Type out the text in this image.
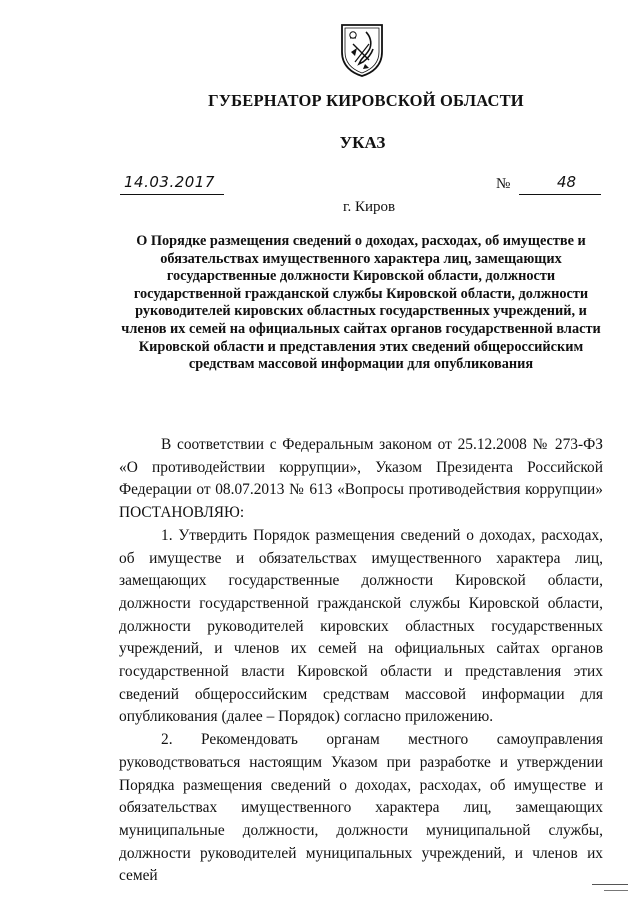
ГУБЕРНАТОР КИРОВСКОЙ ОБЛАСТИ
УКАЗ
14.03.2017	№	48
г. Киров
О Порядке размещения сведений о доходах, расходах, об имуществе и обязательствах имущественного характера лиц, замещающих государственные должности Кировской области, должности государственной гражданской службы Кировской области, должности руководителей кировских областных государственных учреждений, и членов их семей на официальных сайтах органов государственной власти Кировской области и представления этих сведений общероссийским средствам массовой информации для опубликования

В соответствии с Федеральным законом от 25.12.2008 № 273-ФЗ «О противодействии коррупции», Указом Президента Российской Федерации от 08.07.2013 № 613 «Вопросы противодействия коррупции» ПОСТАНОВЛЯЮ:

1. Утвердить Порядок размещения сведений о доходах, расходах, об имуществе и обязательствах имущественного характера лиц, замещающих государственные должности Кировской области, должности государственной гражданской службы Кировской области, должности руководителей кировских областных государственных учреждений, и членов их семей на официальных сайтах органов государственной власти Кировской области и представления этих сведений общероссийским средствам массовой информации для опубликования (далее – Порядок) согласно приложению.

2. Рекомендовать органам местного самоуправления руководствоваться настоящим Указом при разработке и утверждении Порядка размещения сведений о доходах, расходах, об имуществе и обязательствах имущественного характера лиц, замещающих муниципальные должности, должности муниципальной службы, должности руководителей муниципальных учреждений, и членов их семей
